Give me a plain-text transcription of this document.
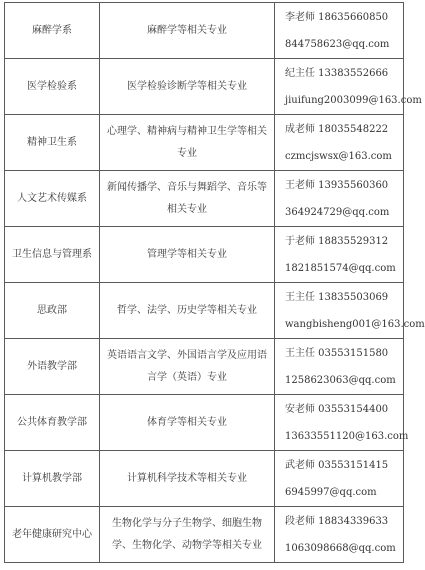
麻醉学系	麻醉学等相关专业	李老师 18635660850
844758623@qq.com

医学检验系	医学检验诊断学等相关专业	纪主任 13383552666
jiuifung2003099@163.com

精神卫生系	心理学、精神病与精神卫生学等相关专业	成老师 18035548222
czmcjswsx@163.com

人文艺术传媒系	新闻传播学、音乐与舞蹈学、音乐等相关专业	王老师 13935560360
364924729@qq.com

卫生信息与管理系	管理学等相关专业	于老师 18835529312
1821851574@qq.com

思政部	哲学、法学、历史学等相关专业	王主任 13835503069
wangbisheng001@163.com

外语教学部	英语语言文学、外国语言学及应用语言学（英语）专业	王主任 03553151580
1258623063@qq.com

公共体育教学部	体育学等相关专业	安老师 03553154400
13633551120@163.com

计算机教学部	计算机科学技术等相关专业	武老师 03553151415
6945997@qq.com

老年健康研究中心	生物化学与分子生物学、细胞生物学、生物化学、动物学等相关专业	段老师 18834339633
1063098668@qq.com
